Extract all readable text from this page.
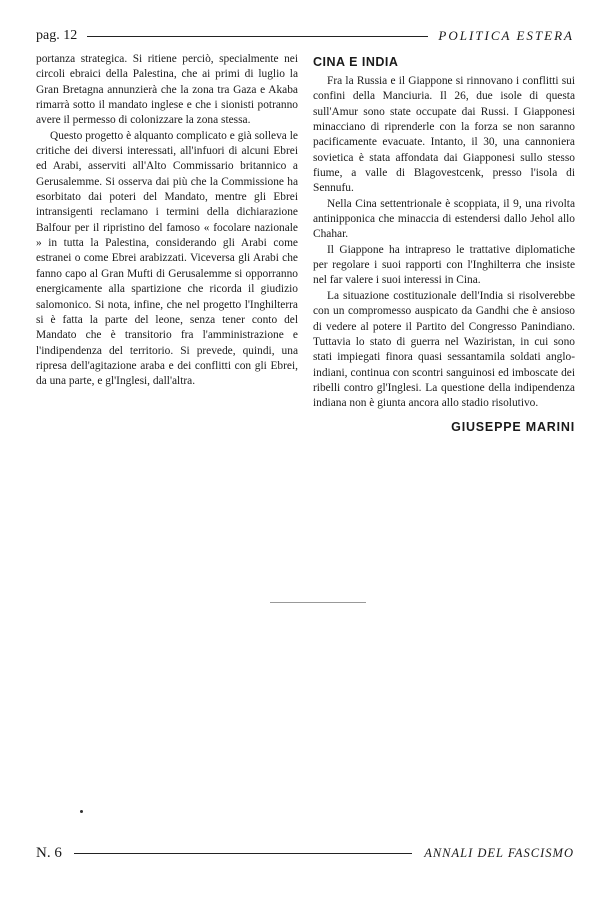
pag. 12	POLITICA ESTERA

portanza strategica. Si ritiene perciò, specialmente nei circoli ebraici della Palestina, che ai primi di luglio la Gran Bretagna annunzierà che la zona tra Gaza e Akaba rimarrà sotto il mandato inglese e che i sionisti potranno avere il permesso di colonizzare la zona stessa.

Questo progetto è alquanto complicato e già solleva le critiche dei diversi interessati, all'infuori di alcuni Ebrei ed Arabi, asserviti all'Alto Commissario britannico a Gerusalemme. Si osserva dai più che la Commissione ha esorbitato dai poteri del Mandato, mentre gli Ebrei intransigenti reclamano i termini della dichiarazione Balfour per il ripristino del famoso « focolare nazionale » in tutta la Palestina, considerando gli Arabi come estranei o come Ebrei arabizzati. Viceversa gli Arabi che fanno capo al Gran Mufti di Gerusalemme si opporranno energicamente alla spartizione che ricorda il giudizio salomonico. Si nota, infine, che nel progetto l'Inghilterra si è fatta la parte del leone, senza tener conto del Mandato che è transitorio fra l'amministrazione e l'indipendenza del territorio. Si prevede, quindi, una ripresa dell'agitazione araba e dei conflitti con gli Ebrei, da una parte, e gl'Inglesi, dall'altra.

CINA E INDIA

Fra la Russia e il Giappone si rinnovano i conflitti sui confini della Manciuria. Il 26, due isole di questa sull'Amur sono state occupate dai Russi. I Giapponesi minacciano di riprenderle con la forza se non saranno pacificamente evacuate. Intanto, il 30, una cannoniera sovietica è stata affondata dai Giapponesi sullo stesso fiume, a valle di Blagovestcenk, presso l'isola di Sennufu.

Nella Cina settentrionale è scoppiata, il 9, una rivolta antinipponica che minaccia di estendersi dallo Jehol allo Chahar.

Il Giappone ha intrapreso le trattative diplomatiche per regolare i suoi rapporti con l'Inghilterra che insiste nel far valere i suoi interessi in Cina.

La situazione costituzionale dell'India si risolverebbe con un compromesso auspicato da Gandhi che è ansioso di vedere al potere il Partito del Congresso Panindiano. Tuttavia lo stato di guerra nel Waziristan, in cui sono stati impiegati finora quasi sessantamila soldati anglo-indiani, continua con scontri sanguinosi ed imboscate dei ribelli contro gl'Inglesi. La questione della indipendenza indiana non è giunta ancora allo stadio risolutivo.

GIUSEPPE MARINI
N. 6	ANNALI DEL FASCISMO
